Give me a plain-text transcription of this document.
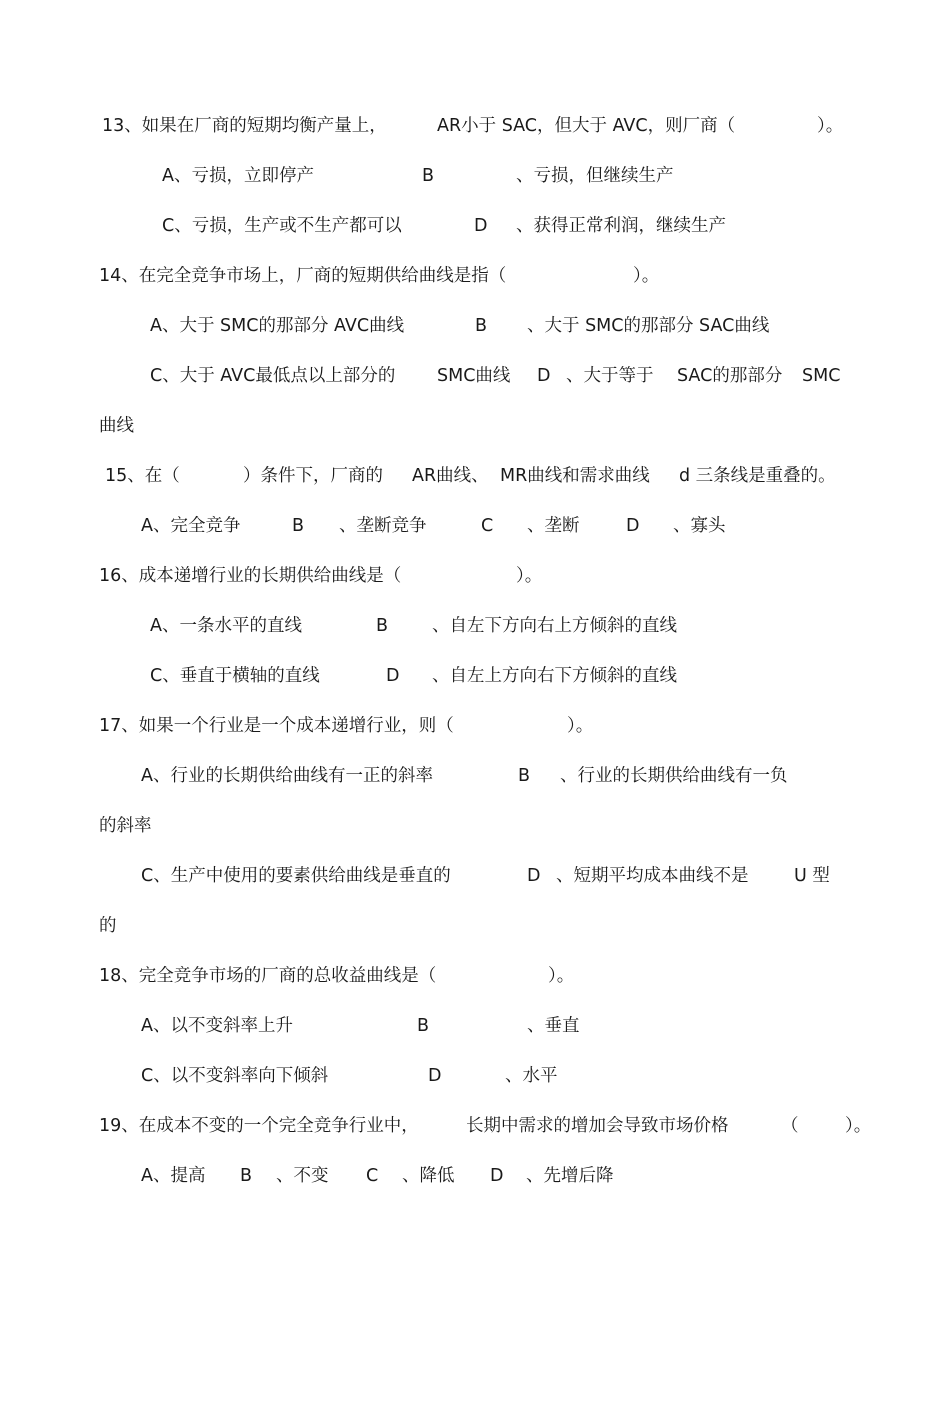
13、如果在厂商的短期均衡产量上，

	AR小于 SAC，但大于 AVC，则厂商（

	）。

A、亏损，立即停产

	B

	、亏损，但继续生产

C、亏损，生产或不生产都可以

	D

、获得正常利润，继续生产

14、在完全竞争市场上，厂商的短期供给曲线是指（

	）。

A、大于 SMC的那部分 AVC曲线

	B

、大于 SMC的那部分 SAC曲线

C、大于 AVC最低点以上部分的

SMC曲线

D

、大于等于

SAC的那部分

SMC

曲线

15、在（

	）条件下，厂商的

AR曲线、

MR曲线和需求曲线

d 三条线是重叠的。

A、完全竞争

	B

、垄断竞争

	C

、垄断

	D

、寡头

16、成本递增行业的长期供给曲线是（

	）。

A、一条水平的直线

	B

	、自左下方向右上方倾斜的直线

C、垂直于横轴的直线

	D

、自左上方向右下方倾斜的直线

17、如果一个行业是一个成本递增行业，则（

	）。

A、行业的长期供给曲线有一正的斜率

	B

、行业的长期供给曲线有一负

的斜率

C、生产中使用的要素供给曲线是垂直的

	D

、短期平均成本曲线不是

	U 型

的

18、完全竞争市场的厂商的总收益曲线是（

	）。

A、以不变斜率上升

	B

	、垂直

C、以不变斜率向下倾斜

	D

	、水平

19、在成本不变的一个完全竞争行业中，

	长期中需求的增加会导致市场价格

	（

	）。

A、提高

B

、不变

C

、降低

D

、先增后降
